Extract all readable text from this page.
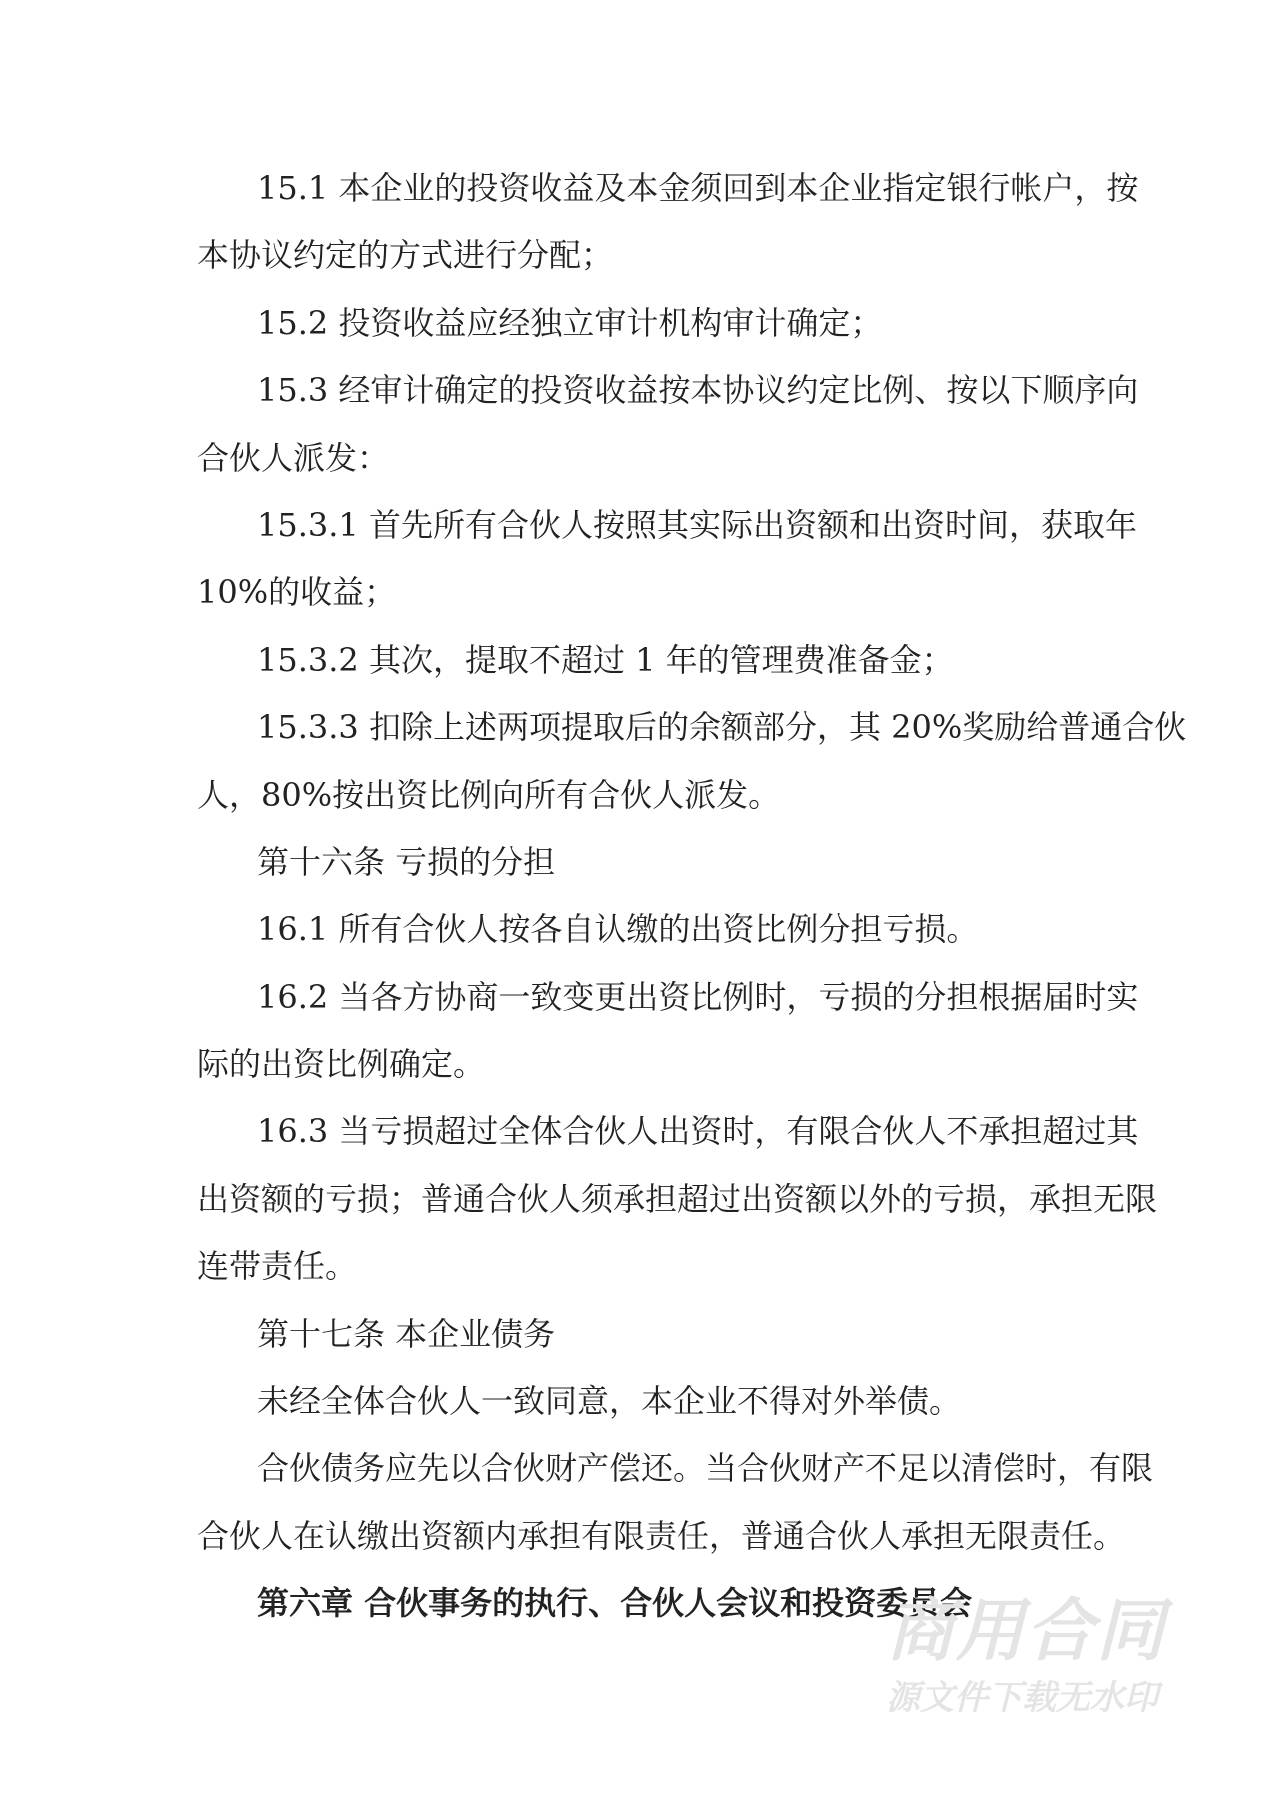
15.1 本企业的投资收益及本金须回到本企业指定银行帐户，按
本协议约定的方式进行分配；
15.2 投资收益应经独立审计机构审计确定；
15.3 经审计确定的投资收益按本协议约定比例、按以下顺序向
合伙人派发：
15.3.1 首先所有合伙人按照其实际出资额和出资时间，获取年
10%的收益；
15.3.2 其次，提取不超过 1 年的管理费准备金；
15.3.3 扣除上述两项提取后的余额部分，其 20%奖励给普通合伙
人，80%按出资比例向所有合伙人派发。
第十六条 亏损的分担
16.1 所有合伙人按各自认缴的出资比例分担亏损。
16.2 当各方协商一致变更出资比例时，亏损的分担根据届时实
际的出资比例确定。
16.3 当亏损超过全体合伙人出资时，有限合伙人不承担超过其
出资额的亏损；普通合伙人须承担超过出资额以外的亏损，承担无限
连带责任。
第十七条 本企业债务
未经全体合伙人一致同意，本企业不得对外举债。
合伙债务应先以合伙财产偿还。当合伙财产不足以清偿时，有限
合伙人在认缴出资额内承担有限责任，普通合伙人承担无限责任。
第六章 合伙事务的执行、合伙人会议和投资委员会
商用合同
源文件下载无水印
